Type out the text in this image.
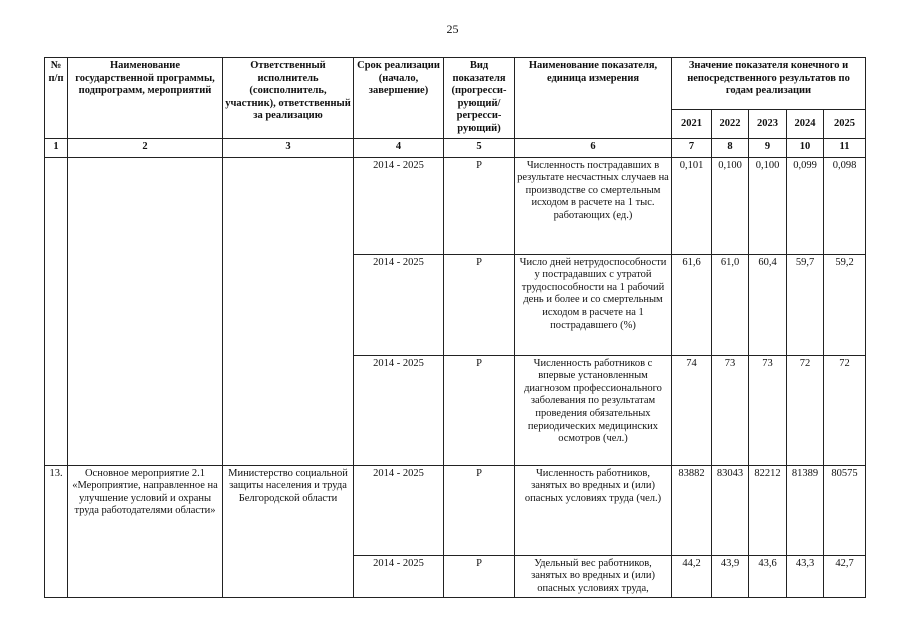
25
№ п/п	Наименование государственной программы, подпрограмм, мероприятий	Ответственный исполнитель (соисполнитель, участник), ответственный за реализацию	Срок реализации (начало, завершение)	Вид показателя (прогресси-рующий/ регресси-рующий)	Наименование показателя, единица измерения	Значение показателя конечного и непосредственного результатов по годам реализации				
						2021	2022	2023	2024	2025
1	2	3	4	5	6	7	8	9	10	11
			2014 - 2025	Р	Численность пострадавших в результате несчастных случаев на производстве со смертельным исходом в расчете на 1 тыс. работающих (ед.)	0,101	0,100	0,100	0,099	0,098
			2014 - 2025	Р	Число дней нетрудоспособности у пострадавших с утратой трудоспособности на 1 рабочий день и более и со смертельным исходом в расчете на 1 пострадавшего (%)	61,6	61,0	60,4	59,7	59,2
			2014 - 2025	Р	Численность работников с впервые установленным диагнозом профессионального заболевания по результатам проведения обязательных периодических медицинских осмотров (чел.)	74	73	73	72	72
13.	Основное мероприятие 2.1 «Мероприятие, направленное на улучшение условий и охраны труда работодателями области»	Министерство социальной защиты населения и труда Белгородской области	2014 - 2025	Р	Численность работников, занятых во вредных и (или) опасных условиях труда (чел.)	83882	83043	82212	81389	80575
			2014 - 2025	Р	Удельный вес работников, занятых во вредных и (или) опасных условиях труда,	44,2	43,9	43,6	43,3	42,7
